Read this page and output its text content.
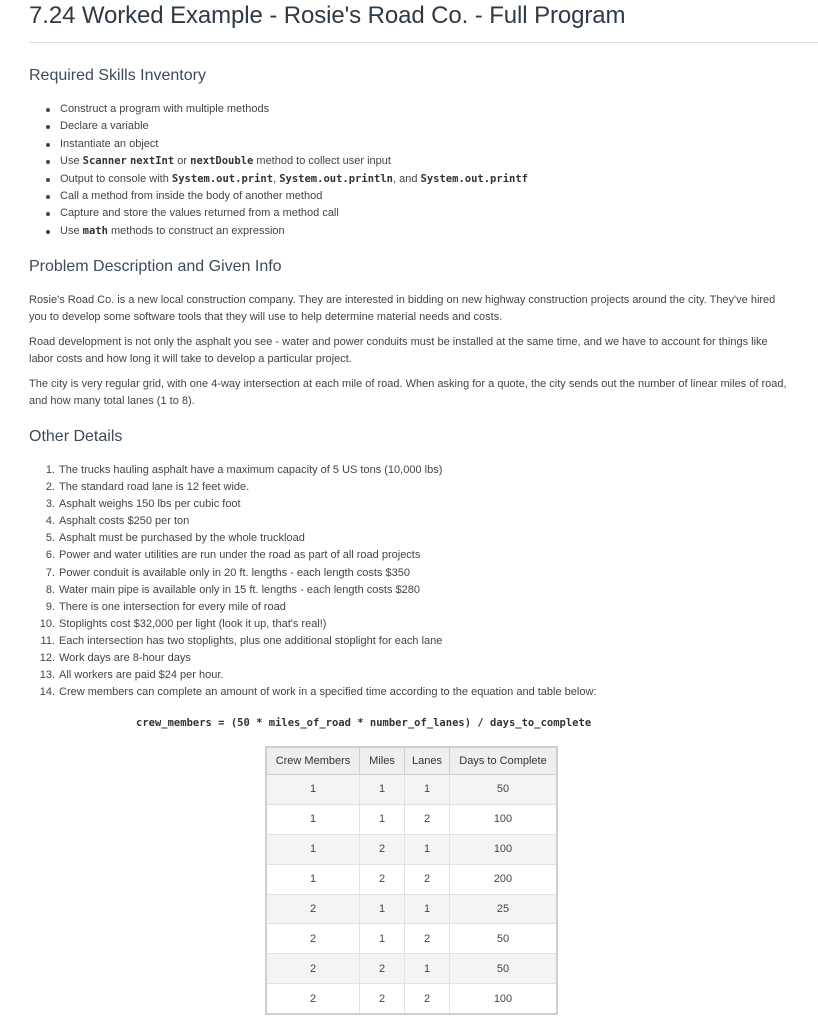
7.24 Worked Example - Rosie's Road Co. - Full Program
Required Skills Inventory
Construct a program with multiple methods
Declare a variable
Instantiate an object
Use Scanner nextInt or nextDouble method to collect user input
Output to console with System.out.print, System.out.println, and System.out.printf
Call a method from inside the body of another method
Capture and store the values returned from a method call
Use math methods to construct an expression
Problem Description and Given Info

Rosie's Road Co. is a new local construction company. They are interested in bidding on new highway construction projects around the city. They've hired you to develop some software tools that they will use to help determine material needs and costs.

Road development is not only the asphalt you see - water and power conduits must be installed at the same time, and we have to account for things like labor costs and how long it will take to develop a particular project.

The city is very regular grid, with one 4-way intersection at each mile of road. When asking for a quote, the city sends out the number of linear miles of road, and how many total lanes (1 to 8).

Other Details
1. The trucks hauling asphalt have a maximum capacity of 5 US tons (10,000 lbs)
2. The standard road lane is 12 feet wide.
3. Asphalt weighs 150 lbs per cubic foot
4. Asphalt costs $250 per ton
5. Asphalt must be purchased by the whole truckload
6. Power and water utilities are run under the road as part of all road projects
7. Power conduit is available only in 20 ft. lengths - each length costs $350
8. Water main pipe is available only in 15 ft. lengths - each length costs $280
9. There is one intersection for every mile of road
10. Stoplights cost $32,000 per light (look it up, that's real!)
11. Each intersection has two stoplights, plus one additional stoplight for each lane
12. Work days are 8-hour days
13. All workers are paid $24 per hour.
14. Crew members can complete an amount of work in a specified time according to the equation and table below:
crew_members = (50 * miles_of_road * number_of_lanes) / days_to_complete
Crew Members	Miles	Lanes	Days to Complete
1	1	1	50
1	1	2	100
1	2	1	100
1	2	2	200
2	1	1	25
2	1	2	50
2	2	1	50
2	2	2	100
